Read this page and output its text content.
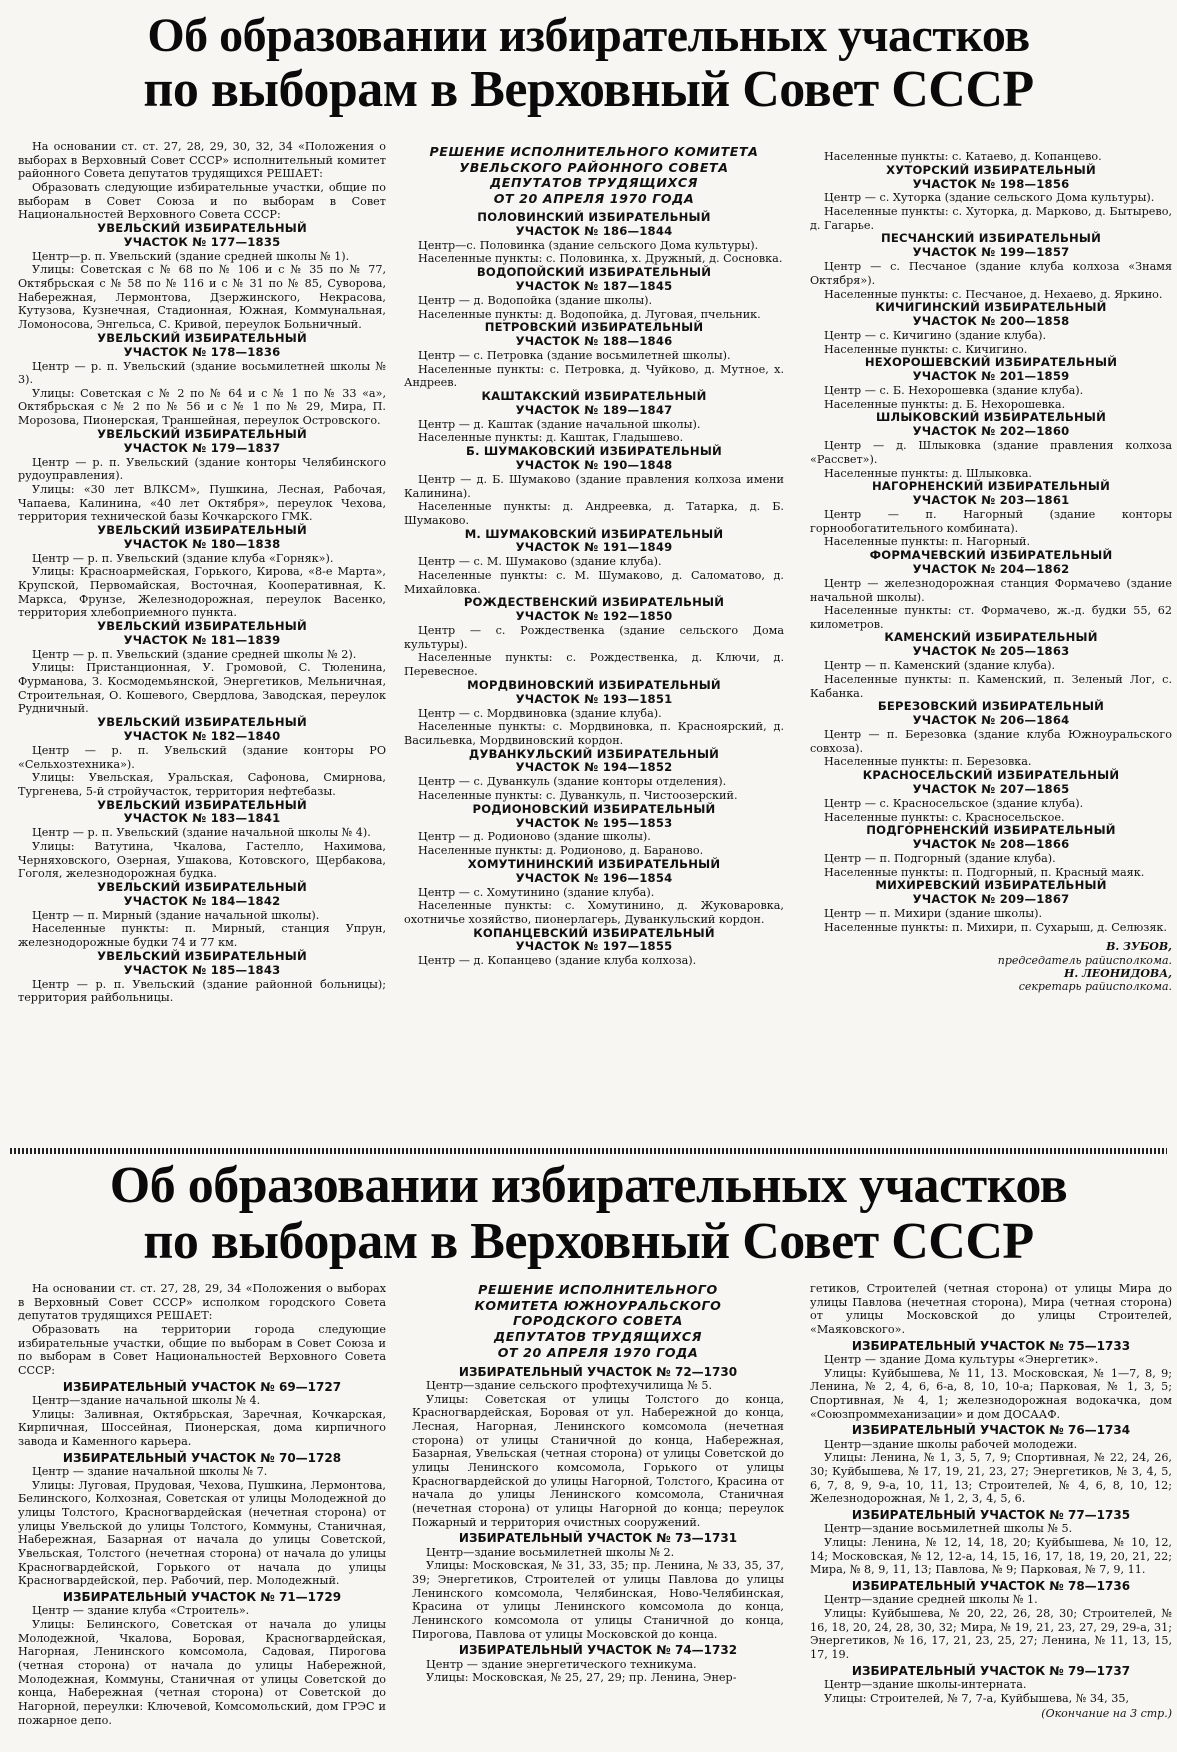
Об образовании избирательных участков
по выборам в Верховный Совет СССР

На основании ст. ст. 27, 28, 29, 30, 32, 34 «Положения о выборах в Верховный Совет СССР» исполнительный комитет районного Совета депутатов трудящихся РЕШАЕТ:

Образовать следующие избирательные участки, общие по выборам в Совет Союза и по выборам в Совет Национальностей Верховного Совета СССР:

УВЕЛЬСКИЙ ИЗБИРАТЕЛЬНЫЙ
УЧАСТОК № 177—1835

Центр—р. п. Увельский (здание средней школы № 1).

Улицы: Советская с № 68 по № 106 и с № 35 по № 77, Октябрьская с № 58 по № 116 и с № 31 по № 85, Суворова, Набережная, Лермонтова, Дзержинского, Некрасова, Кутузова, Кузнечная, Стадионная, Южная, Коммунальная, Ломоносова, Энгельса, С. Кривой, переулок Больничный.

УВЕЛЬСКИЙ ИЗБИРАТЕЛЬНЫЙ
УЧАСТОК № 178—1836

Центр — р. п. Увельский (здание восьмилетней школы № 3).

Улицы: Советская с № 2 по № 64 и с № 1 по № 33 «а», Октябрьская с № 2 по № 56 и с № 1 по № 29, Мира, П. Морозова, Пионерская, Траншейная, переулок Островского.

УВЕЛЬСКИЙ ИЗБИРАТЕЛЬНЫЙ
УЧАСТОК № 179—1837

Центр — р. п. Увельский (здание конторы Челябинского рудоуправления).

Улицы: «30 лет ВЛКСМ», Пушкина, Лесная, Рабочая, Чапаева, Калинина, «40 лет Октября», переулок Чехова, территория технической базы Кочкарского ГМК.

УВЕЛЬСКИЙ ИЗБИРАТЕЛЬНЫЙ
УЧАСТОК № 180—1838

Центр — р. п. Увельский (здание клуба «Горняк»).

Улицы: Красноармейская, Горького, Кирова, «8-е Марта», Крупской, Первомайская, Восточная, Кооперативная, К. Маркса, Фрунзе, Железнодорожная, переулок Васенко, территория хлебоприемного пункта.

УВЕЛЬСКИЙ ИЗБИРАТЕЛЬНЫЙ
УЧАСТОК № 181—1839

Центр — р. п. Увельский (здание средней школы № 2).

Улицы: Пристанционная, У. Громовой, С. Тюленина, Фурманова, З. Космодемьянской, Энергетиков, Мельничная, Строительная, О. Кошевого, Свердлова, Заводская, переулок Рудничный.

УВЕЛЬСКИЙ ИЗБИРАТЕЛЬНЫЙ
УЧАСТОК № 182—1840

Центр — р. п. Увельский (здание конторы РО «Сельхозтехника»).

Улицы: Увельская, Уральская, Сафонова, Смирнова, Тургенева, 5-й стройучасток, территория нефтебазы.

УВЕЛЬСКИЙ ИЗБИРАТЕЛЬНЫЙ
УЧАСТОК № 183—1841

Центр — р. п. Увельский (здание начальной школы № 4).

Улицы: Ватутина, Чкалова, Гастелло, Нахимова, Черняховского, Озерная, Ушакова, Котовского, Щербакова, Гоголя, железнодорожная будка.

УВЕЛЬСКИЙ ИЗБИРАТЕЛЬНЫЙ
УЧАСТОК № 184—1842

Центр — п. Мирный (здание начальной школы).

Населенные пункты: п. Мирный, станция Упрун, железнодорожные будки 74 и 77 км.

УВЕЛЬСКИЙ ИЗБИРАТЕЛЬНЫЙ
УЧАСТОК № 185—1843

Центр — р. п. Увельский (здание районной больницы); территория райбольницы.

РЕШЕНИЕ ИСПОЛНИТЕЛЬНОГО КОМИТЕТА
УВЕЛЬСКОГО РАЙОННОГО СОВЕТА
ДЕПУТАТОВ ТРУДЯЩИХСЯ
ОТ 20 АПРЕЛЯ 1970 ГОДА
ПОЛОВИНСКИЙ ИЗБИРАТЕЛЬНЫЙ
УЧАСТОК № 186—1844

Центр—с. Половинка (здание сельского Дома культуры).

Населенные пункты: с. Половинка, х. Дружный, д. Сосновка.

ВОДОПОЙСКИЙ ИЗБИРАТЕЛЬНЫЙ
УЧАСТОК № 187—1845

Центр — д. Водопойка (здание школы).

Населенные пункты: д. Водопойка, д. Луговая, пчельник.

ПЕТРОВСКИЙ ИЗБИРАТЕЛЬНЫЙ
УЧАСТОК № 188—1846

Центр — с. Петровка (здание восьмилетней школы).

Населенные пункты: с. Петровка, д. Чуйково, д. Мутное, х. Андреев.

КАШТАКСКИЙ ИЗБИРАТЕЛЬНЫЙ
УЧАСТОК № 189—1847

Центр — д. Каштак (здание начальной школы).

Населенные пункты: д. Каштак, Гладышево.

Б. ШУМАКОВСКИЙ ИЗБИРАТЕЛЬНЫЙ
УЧАСТОК № 190—1848

Центр — д. Б. Шумаково (здание правления колхоза имени Калинина).

Населенные пункты: д. Андреевка, д. Татарка, д. Б. Шумаково.

М. ШУМАКОВСКИЙ ИЗБИРАТЕЛЬНЫЙ
УЧАСТОК № 191—1849

Центр — с. М. Шумаково (здание клуба).

Населенные пункты: с. М. Шумаково, д. Саломатово, д. Михайловка.

РОЖДЕСТВЕНСКИЙ ИЗБИРАТЕЛЬНЫЙ
УЧАСТОК № 192—1850

Центр — с. Рождественка (здание сельского Дома культуры).

Населенные пункты: с. Рождественка, д. Ключи, д. Перевесное.

МОРДВИНОВСКИЙ ИЗБИРАТЕЛЬНЫЙ
УЧАСТОК № 193—1851

Центр — с. Мордвиновка (здание клуба).

Населенные пункты: с. Мордвиновка, п. Красноярский, д. Васильевка, Мордвиновский кордон.

ДУВАНКУЛЬСКИЙ ИЗБИРАТЕЛЬНЫЙ
УЧАСТОК № 194—1852

Центр — с. Дуванкуль (здание конторы отделения).

Населенные пункты: с. Дуванкуль, п. Чистоозерский.

РОДИОНОВСКИЙ ИЗБИРАТЕЛЬНЫЙ
УЧАСТОК № 195—1853

Центр — д. Родионово (здание школы).

Населенные пункты: д. Родионово, д. Бараново.

ХОМУТИНИНСКИЙ ИЗБИРАТЕЛЬНЫЙ
УЧАСТОК № 196—1854

Центр — с. Хомутинино (здание клуба).

Населенные пункты: с. Хомутинино, д. Жуковаровка, охотничье хозяйство, пионерлагерь, Дуванкульский кордон.

КОПАНЦЕВСКИЙ ИЗБИРАТЕЛЬНЫЙ
УЧАСТОК № 197—1855

Центр — д. Копанцево (здание клуба колхоза).

Населенные пункты: с. Катаево, д. Копанцево.

ХУТОРСКИЙ ИЗБИРАТЕЛЬНЫЙ
УЧАСТОК № 198—1856

Центр — с. Хуторка (здание сельского Дома культуры).

Населенные пункты: с. Хуторка, д. Марково, д. Бытырево, д. Гагарье.

ПЕСЧАНСКИЙ ИЗБИРАТЕЛЬНЫЙ
УЧАСТОК № 199—1857

Центр — с. Песчаное (здание клуба колхоза «Знамя Октября»).

Населенные пункты: с. Песчаное, д. Нехаево, д. Яркино.

КИЧИГИНСКИЙ ИЗБИРАТЕЛЬНЫЙ
УЧАСТОК № 200—1858

Центр — с. Кичигино (здание клуба).

Населенные пункты: с. Кичигино.

НЕХОРОШЕВСКИЙ ИЗБИРАТЕЛЬНЫЙ
УЧАСТОК № 201—1859

Центр — с. Б. Нехорошевка (здание клуба).

Населенные пункты: д. Б. Нехорошевка.

ШЛЫКОВСКИЙ ИЗБИРАТЕЛЬНЫЙ
УЧАСТОК № 202—1860

Центр — д. Шлыковка (здание правления колхоза «Рассвет»).

Населенные пункты: д. Шлыковка.

НАГОРНЕНСКИЙ ИЗБИРАТЕЛЬНЫЙ
УЧАСТОК № 203—1861

Центр — п. Нагорный (здание конторы горнообогатительного комбината).

Населенные пункты: п. Нагорный.

ФОРМАЧЕВСКИЙ ИЗБИРАТЕЛЬНЫЙ
УЧАСТОК № 204—1862

Центр — железнодорожная станция Формачево (здание начальной школы).

Населенные пункты: ст. Формачево, ж.-д. будки 55, 62 километров.

КАМЕНСКИЙ ИЗБИРАТЕЛЬНЫЙ
УЧАСТОК № 205—1863

Центр — п. Каменский (здание клуба).

Населенные пункты: п. Каменский, п. Зеленый Лог, с. Кабанка.

БЕРЕЗОВСКИЙ ИЗБИРАТЕЛЬНЫЙ
УЧАСТОК № 206—1864

Центр — п. Березовка (здание клуба Южноуральского совхоза).

Населенные пункты: п. Березовка.

КРАСНОСЕЛЬСКИЙ ИЗБИРАТЕЛЬНЫЙ
УЧАСТОК № 207—1865

Центр — с. Красносельское (здание клуба).

Населенные пункты: с. Красносельское.

ПОДГОРНЕНСКИЙ ИЗБИРАТЕЛЬНЫЙ
УЧАСТОК № 208—1866

Центр — п. Подгорный (здание клуба).

Населенные пункты: п. Подгорный, п. Красный маяк.

МИХИРЕВСКИЙ ИЗБИРАТЕЛЬНЫЙ
УЧАСТОК № 209—1867

Центр — п. Михири (здание школы).

Населенные пункты: п. Михири, п. Сухарыш, д. Селюзяк.

В. ЗУБОВ,
председатель райисполкома.
Н. ЛЕОНИДОВА,
секретарь райисполкома.
Об образовании избирательных участков
по выборам в Верховный Совет СССР

На основании ст. ст. 27, 28, 29, 34 «Положения о выборах в Верховный Совет СССР» исполком городского Совета депутатов трудящихся РЕШАЕТ:

Образовать на территории города следующие избирательные участки, общие по выборам в Совет Союза и по выборам в Совет Национальностей Верховного Совета СССР:

ИЗБИРАТЕЛЬНЫЙ УЧАСТОК № 69—1727

Центр—здание начальной школы № 4.

Улицы: Заливная, Октябрьская, Заречная, Кочкарская, Кирпичная, Шоссейная, Пионерская, дома кирпичного завода и Каменного карьера.

ИЗБИРАТЕЛЬНЫЙ УЧАСТОК № 70—1728

Центр — здание начальной школы № 7.

Улицы: Луговая, Прудовая, Чехова, Пушкина, Лермонтова, Белинского, Колхозная, Советская от улицы Молодежной до улицы Толстого, Красногвардейская (нечетная сторона) от улицы Увельской до улицы Толстого, Коммуны, Станичная, Набережная, Базарная от начала до улицы Советской, Увельская, Толстого (нечетная сторона) от начала до улицы Красногвардейской, Горького от начала до улицы Красногвардейской, пер. Рабочий, пер. Молодежный.

ИЗБИРАТЕЛЬНЫЙ УЧАСТОК № 71—1729

Центр — здание клуба «Строитель».

Улицы: Белинского, Советская от начала до улицы Молодежной, Чкалова, Боровая, Красногвардейская, Нагорная, Ленинского комсомола, Садовая, Пирогова (четная сторона) от начала до улицы Набережной, Молодежная, Коммуны, Станичная от улицы Советской до конца, Набережная (четная сторона) от Советской до Нагорной, переулки: Ключевой, Комсомольский, дом ГРЭС и пожарное депо.

РЕШЕНИЕ ИСПОЛНИТЕЛЬНОГО
КОМИТЕТА ЮЖНОУРАЛЬСКОГО
ГОРОДСКОГО СОВЕТА
ДЕПУТАТОВ ТРУДЯЩИХСЯ
ОТ 20 АПРЕЛЯ 1970 ГОДА
ИЗБИРАТЕЛЬНЫЙ УЧАСТОК № 72—1730

Центр—здание сельского профтехучилища № 5.

Улицы: Советская от улицы Толстого до конца, Красногвардейская, Боровая от ул. Набережной до конца, Лесная, Нагорная, Ленинского комсомола (нечетная сторона) от улицы Станичной до конца, Набережная, Базарная, Увельская (четная сторона) от улицы Советской до улицы Ленинского комсомола, Горького от улицы Красногвардейской до улицы Нагорной, Толстого, Красина от начала до улицы Ленинского комсомола, Станичная (нечетная сторона) от улицы Нагорной до конца; переулок Пожарный и территория очистных сооружений.

ИЗБИРАТЕЛЬНЫЙ УЧАСТОК № 73—1731

Центр—здание восьмилетней школы № 2.

Улицы: Московская, № 31, 33, 35; пр. Ленина, № 33, 35, 37, 39; Энергетиков, Строителей от улицы Павлова до улицы Ленинского комсомола, Челябинская, Ново-Челябинская, Красина от улицы Ленинского комсомола до конца, Ленинского комсомола от улицы Станичной до конца, Пирогова, Павлова от улицы Московской до конца.

ИЗБИРАТЕЛЬНЫЙ УЧАСТОК № 74—1732

Центр — здание энергетического техникума.

Улицы: Московская, № 25, 27, 29; пр. Ленина, Энер-

гетиков, Строителей (четная сторона) от улицы Мира до улицы Павлова (нечетная сторона), Мира (четная сторона) от улицы Московской до улицы Строителей, «Маяковского».

ИЗБИРАТЕЛЬНЫЙ УЧАСТОК № 75—1733

Центр — здание Дома культуры «Энергетик».

Улицы: Куйбышева, № 11, 13. Московская, № 1—7, 8, 9; Ленина, № 2, 4, 6, 6-а, 8, 10, 10-а; Парковая, № 1, 3, 5; Спортивная, № 4, 1; железнодорожная водокачка, дом «Союзпроммеханизации» и дом ДОСААФ.

ИЗБИРАТЕЛЬНЫЙ УЧАСТОК № 76—1734

Центр—здание школы рабочей молодежи.

Улицы: Ленина, № 1, 3, 5, 7, 9; Спортивная, № 22, 24, 26, 30; Куйбышева, № 17, 19, 21, 23, 27; Энергетиков, № 3, 4, 5, 6, 7, 8, 9, 9-а, 10, 11, 13; Строителей, № 4, 6, 8, 10, 12; Железнодорожная, № 1, 2, 3, 4, 5, 6.

ИЗБИРАТЕЛЬНЫЙ УЧАСТОК № 77—1735

Центр—здание восьмилетней школы № 5.

Улицы: Ленина, № 12, 14, 18, 20; Куйбышева, № 10, 12, 14; Московская, № 12, 12-а, 14, 15, 16, 17, 18, 19, 20, 21, 22; Мира, № 8, 9, 11, 13; Павлова, № 9; Парковая, № 7, 9, 11.

ИЗБИРАТЕЛЬНЫЙ УЧАСТОК № 78—1736

Центр—здание средней школы № 1.

Улицы: Куйбышева, № 20, 22, 26, 28, 30; Строителей, № 16, 18, 20, 24, 28, 30, 32; Мира, № 19, 21, 23, 27, 29, 29-а, 31; Энергетиков, № 16, 17, 21, 23, 25, 27; Ленина, № 11, 13, 15, 17, 19.

ИЗБИРАТЕЛЬНЫЙ УЧАСТОК № 79—1737

Центр—здание школы-интерната.

Улицы: Строителей, № 7, 7-а, Куйбышева, № 34, 35,

(Окончание на 3 стр.)
